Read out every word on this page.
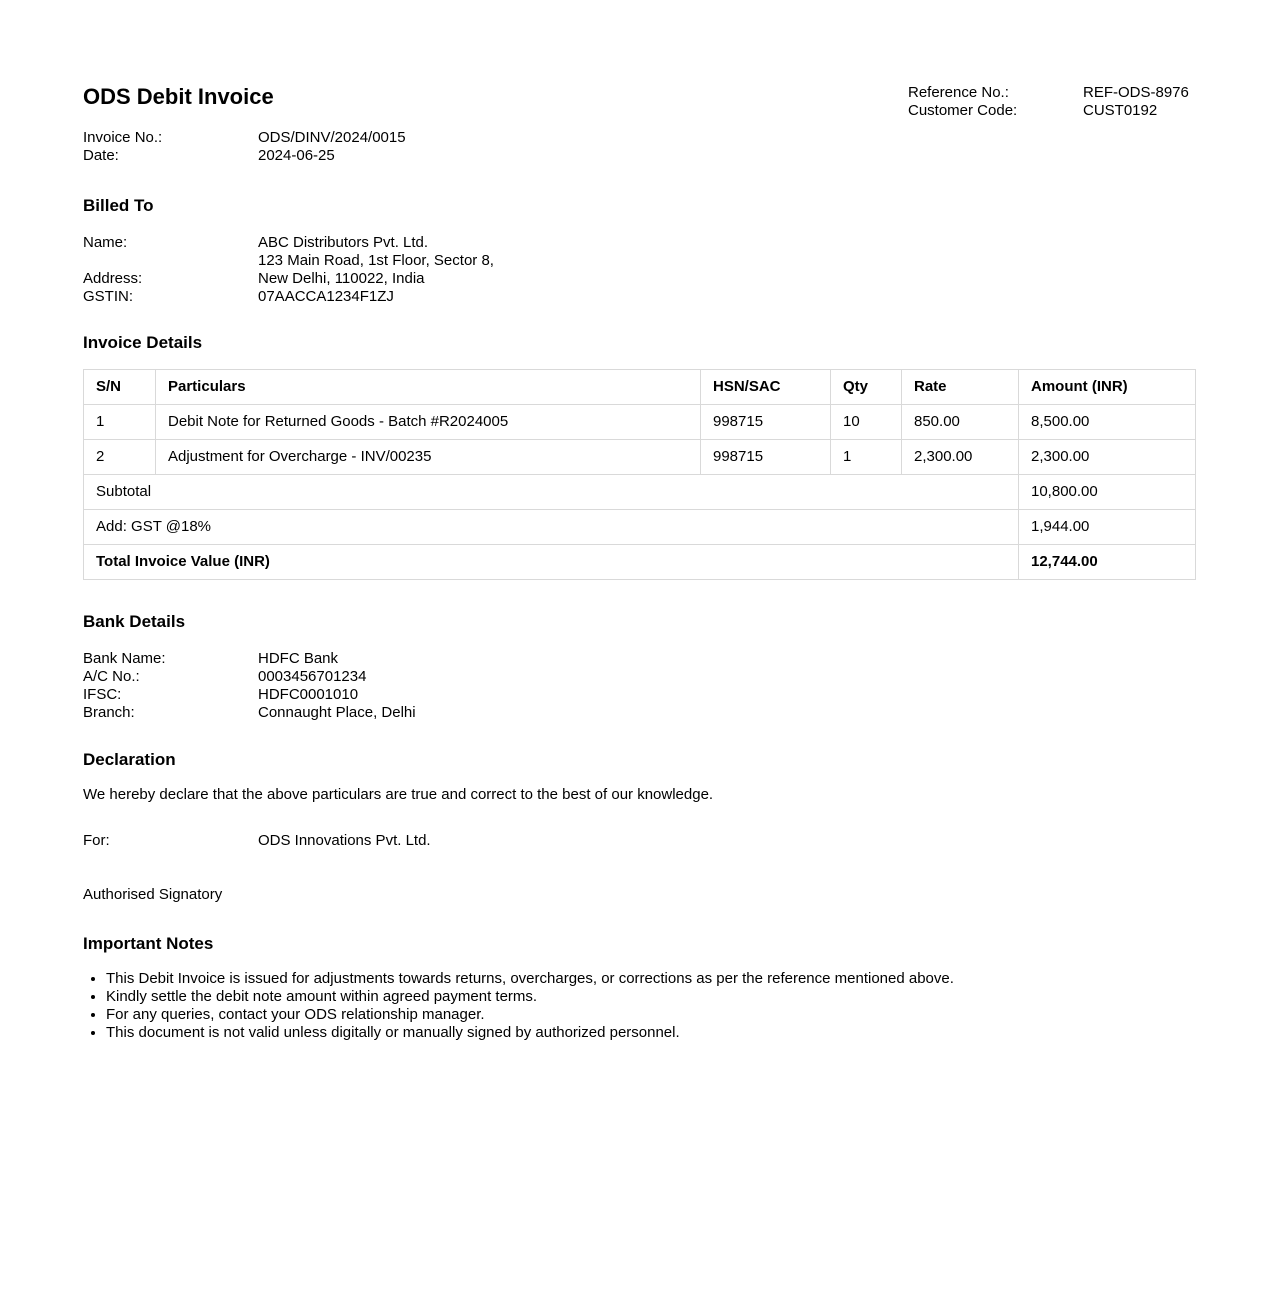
ODS Debit Invoice
Invoice No.:	ODS/DINV/2024/0015
Date:	2024-06-25
Reference No.:	REF-ODS-8976
Customer Code:	CUST0192
Billed To
Name:	ABC Distributors Pvt. Ltd.
123 Main Road, 1st Floor, Sector 8,
Address:	New Delhi, 110022, India
GSTIN:	07AACCA1234F1ZJ
Invoice Details
S/N	Particulars	HSN/SAC	Qty	Rate	Amount (INR)
1	Debit Note for Returned Goods - Batch #R2024005	998715	10	850.00	8,500.00
2	Adjustment for Overcharge - INV/00235	998715	1	2,300.00	2,300.00
Subtotal					10,800.00
Add: GST @18%					1,944.00
Total Invoice Value (INR)					12,744.00
Bank Details
Bank Name:	HDFC Bank
A/C No.:	0003456701234
IFSC:	HDFC0001010
Branch:	Connaught Place, Delhi
Declaration
We hereby declare that the above particulars are true and correct to the best of our knowledge.
For:	ODS Innovations Pvt. Ltd.
Authorised Signatory
Important Notes
• This Debit Invoice is issued for adjustments towards returns, overcharges, or corrections as per the reference mentioned above.
• Kindly settle the debit note amount within agreed payment terms.
• For any queries, contact your ODS relationship manager.
• This document is not valid unless digitally or manually signed by authorized personnel.
